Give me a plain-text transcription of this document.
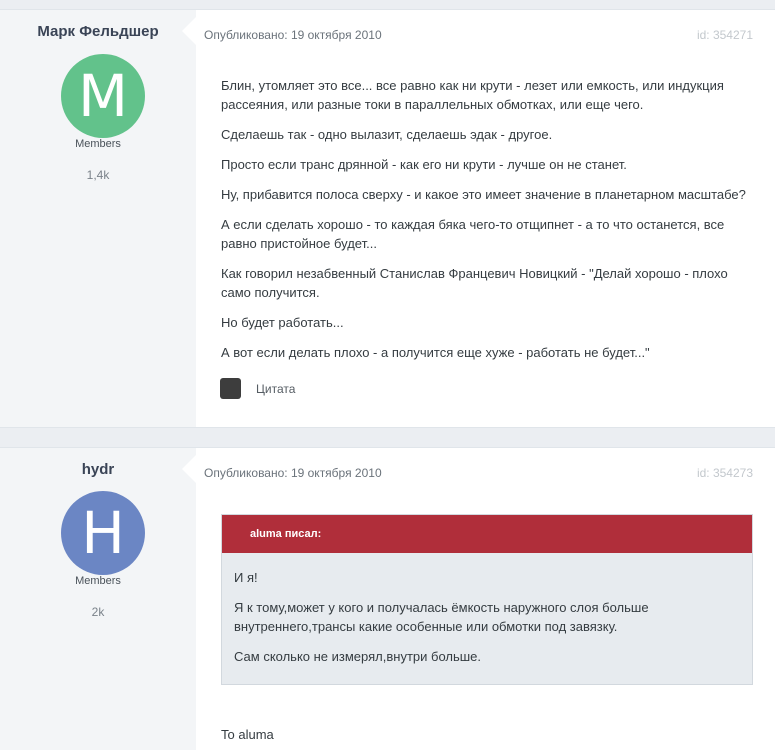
Марк Фельдшер
M
Members
1,4k
Опубликовано: 19 октября 2010	id: 354271

Блин, утомляет это все... все равно как ни крути - лезет или емкость, или индукция рассеяния, или разные токи в параллельных обмотках, или еще чего.

Сделаешь так - одно вылазит, сделаешь эдак - другое.

Просто если транс дрянной - как его ни крути - лучше он не станет.

Ну, прибавится полоса сверху - и какое это имеет значение в планетарном масштабе?

А если сделать хорошо - то каждая бяка чего-то отщипнет - а то что останется, все равно пристойное будет...

Как говорил незабвенный Станислав Францевич Новицкий - "Делай хорошо - плохо само получится.

Но будет работать...

А вот если делать плохо - а получится еще хуже - работать не будет..."

Цитата
hydr
H
Members
2k
Опубликовано: 19 октября 2010	id: 354273
aluma писал:

И я!

Я к тому,может у кого и получалась ёмкость наружного слоя больше внутреннего,трансы какие особенные или обмотки под завязку.

Сам сколько не измерял,внутри больше.

To aluma
